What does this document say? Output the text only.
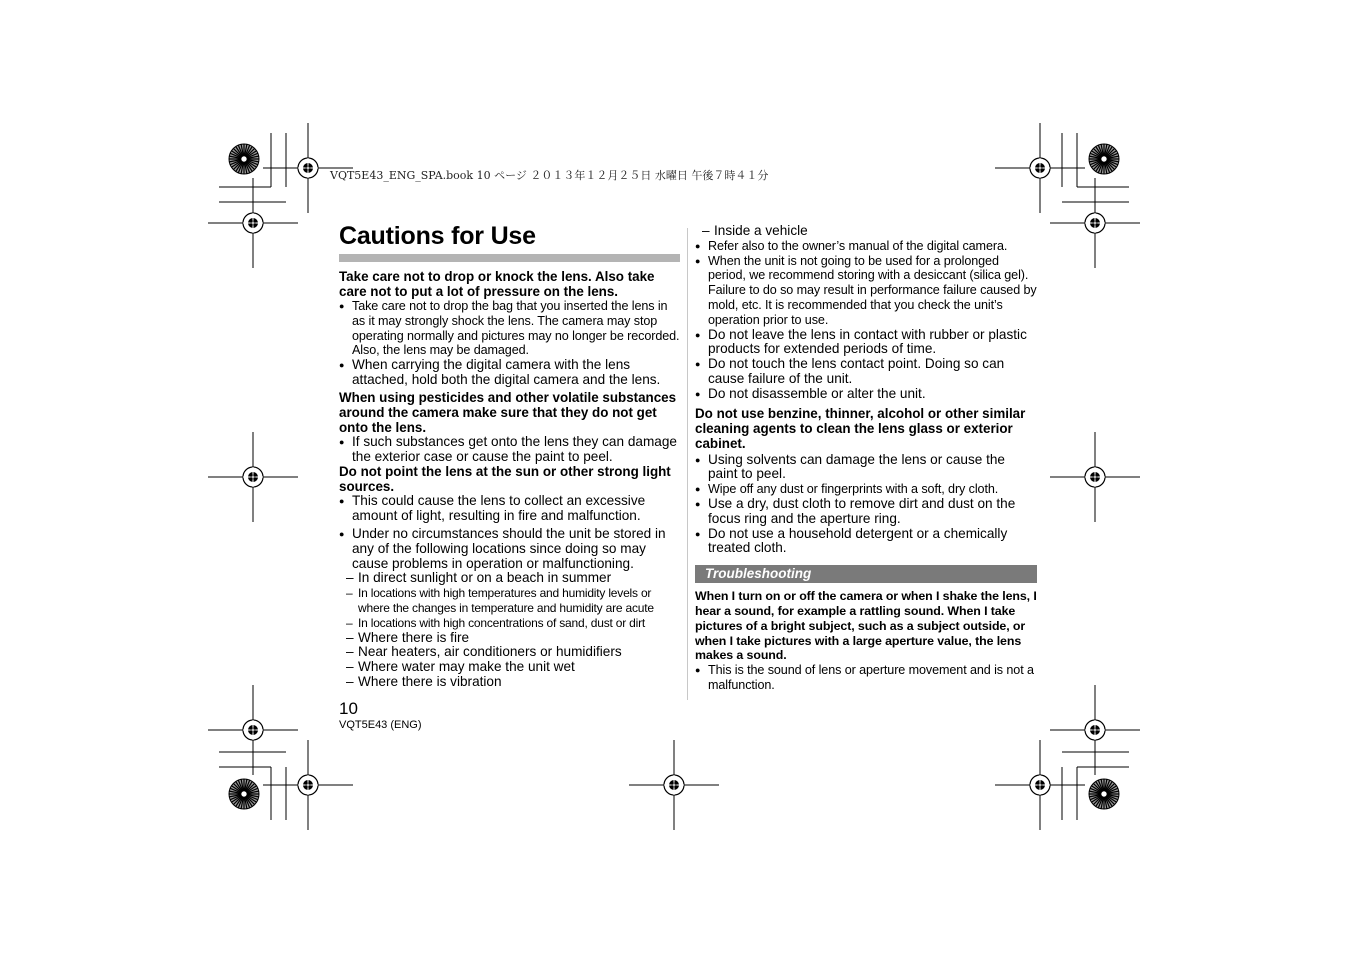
VQT5E43_ENG_SPA.book 10 ページ ２０１３年１２月２５日 水曜日 午後７時４１分
Cautions for Use

Take care not to drop or knock the lens. Also take care not to put a lot of pressure on the lens.

● Take care not to drop the bag that you inserted the lens in as it may strongly shock the lens. The camera may stop operating normally and pictures may no longer be recorded. Also, the lens may be damaged.
● When carrying the digital camera with the lens attached, hold both the digital camera and the lens.

When using pesticides and other volatile substances around the camera make sure that they do not get onto the lens.

● If such substances get onto the lens they can damage the exterior case or cause the paint to peel.

Do not point the lens at the sun or other strong light sources.

● This could cause the lens to collect an excessive amount of light, resulting in fire and malfunction.
● Under no circumstances should the unit be stored in any of the following locations since doing so may cause problems in operation or malfunctioning.
– In direct sunlight or on a beach in summer
– In locations with high temperatures and humidity levels or where the changes in temperature and humidity are acute
– In locations with high concentrations of sand, dust or dirt
– Where there is fire
– Near heaters, air conditioners or humidifiers
– Where water may make the unit wet
– Where there is vibration
– Inside a vehicle
● Refer also to the owner’s manual of the digital camera.
● When the unit is not going to be used for a prolonged period, we recommend storing with a desiccant (silica gel). Failure to do so may result in performance failure caused by mold, etc. It is recommended that you check the unit’s operation prior to use.
● Do not leave the lens in contact with rubber or plastic products for extended periods of time.
● Do not touch the lens contact point. Doing so can cause failure of the unit.
● Do not disassemble or alter the unit.

Do not use benzine, thinner, alcohol or other similar cleaning agents to clean the lens glass or exterior cabinet.

● Using solvents can damage the lens or cause the paint to peel.
● Wipe off any dust or fingerprints with a soft, dry cloth.
● Use a dry, dust cloth to remove dirt and dust on the focus ring and the aperture ring.
● Do not use a household detergent or a chemically treated cloth.
Troubleshooting

When I turn on or off the camera or when I shake the lens, I hear a sound, for example a rattling sound. When I take pictures of a bright subject, such as a subject outside, or when I take pictures with a large aperture value, the lens makes a sound.

● This is the sound of lens or aperture movement and is not a malfunction.
10
VQT5E43 (ENG)
